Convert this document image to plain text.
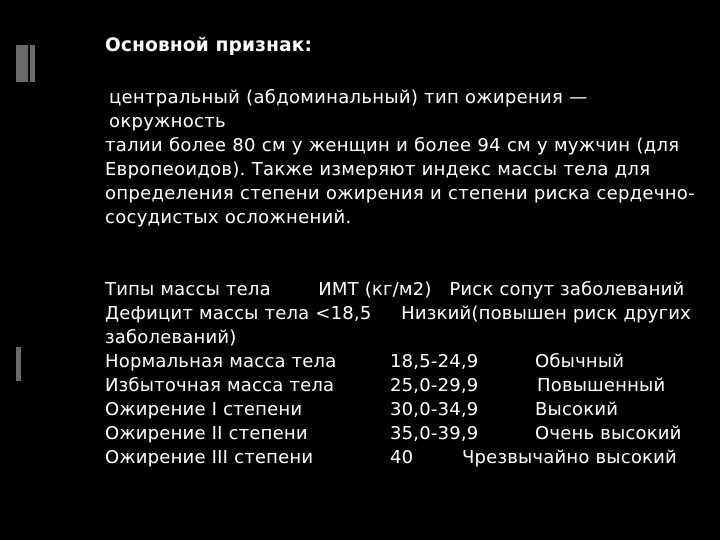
Основной признак:
центральный (абдоминальный) тип ожирения — окружность
талии более 80 см у женщин и более 94 см у мужчин (для
Европеоидов). Также измеряют индекс массы тела для
определения степени ожирения и степени риска сердечно-
сосудистых осложнений.
Типы массы тела        ИМТ (кг/м2)   Риск сопут заболеваний
Дефицит массы тела <18,5     Низкий(повышен риск других
заболеваний)
Нормальная масса тела	18,5-24,9	Обычный
Избыточная масса тела	25,0-29,9	Повышенный
Ожирение I степени	30,0-34,9	Высокий
Ожирение II степени	35,0-39,9	Очень высокий
Ожирение III степени	40	Чрезвычайно высокий
